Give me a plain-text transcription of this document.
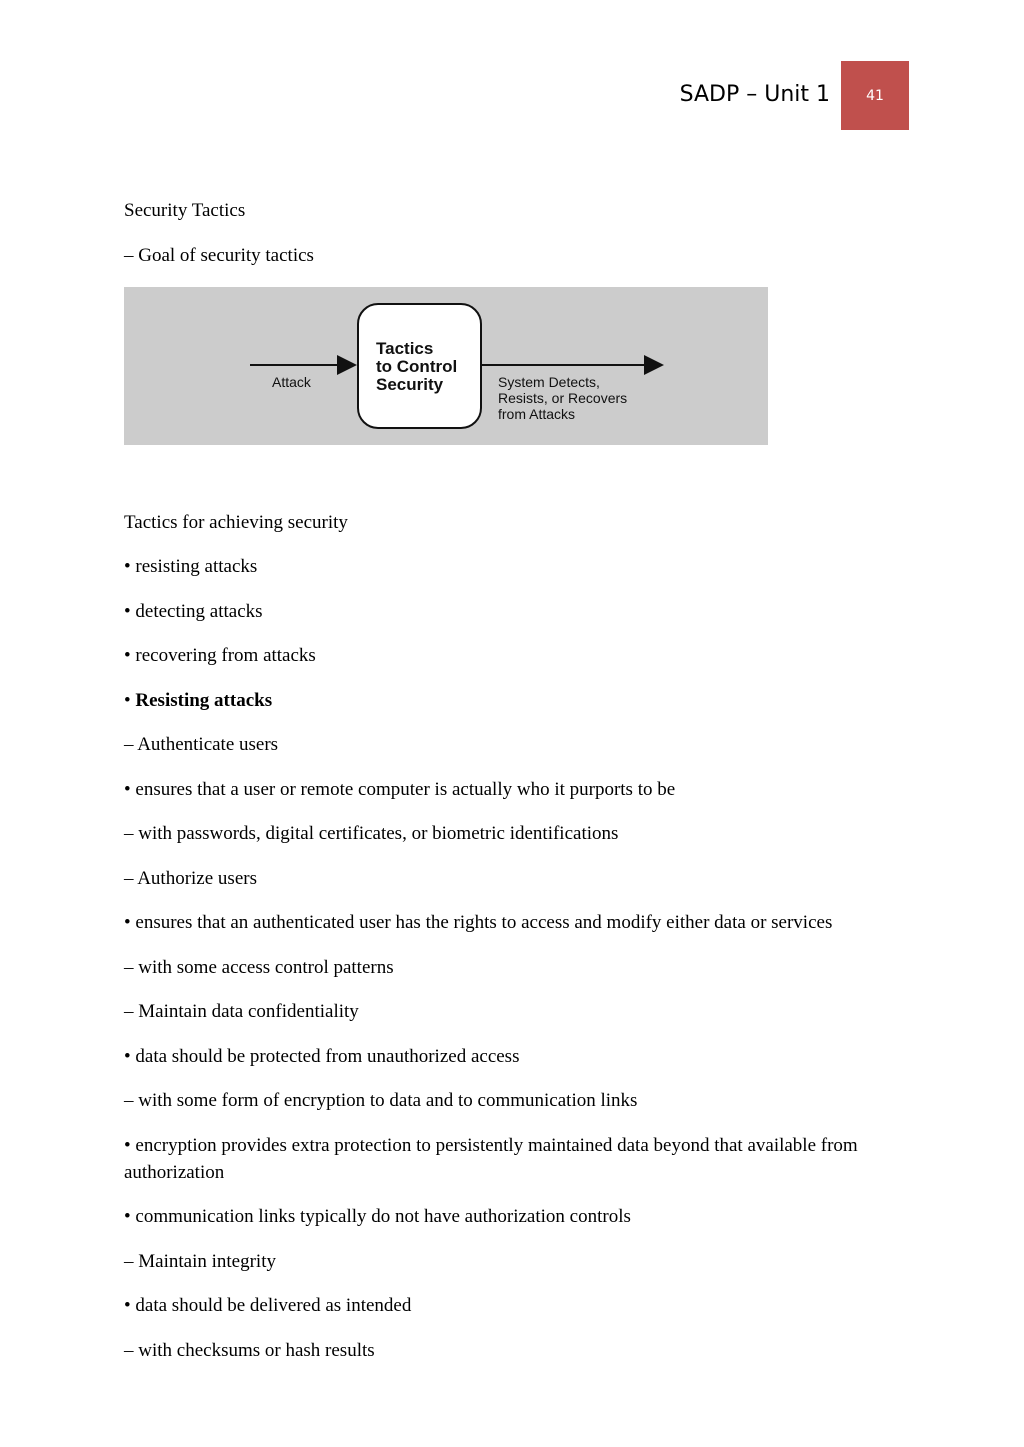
SADP – Unit 1	41
Security Tactics
– Goal of security tactics
Tactics
to Control
Security
Attack	System Detects,
Resists, or Recovers
from Attacks
Tactics for achieving security
• resisting attacks
• detecting attacks
• recovering from attacks
• Resisting attacks
– Authenticate users
• ensures that a user or remote computer is actually who it purports to be
– with passwords, digital certificates, or biometric identifications
– Authorize users
• ensures that an authenticated user has the rights to access and modify either data or services
– with some access control patterns
– Maintain data confidentiality
• data should be protected from unauthorized access
– with some form of encryption to data and to communication links
• encryption provides extra protection to persistently maintained data beyond that available from authorization
• communication links typically do not have authorization controls
– Maintain integrity
• data should be delivered as intended
– with checksums or hash results
